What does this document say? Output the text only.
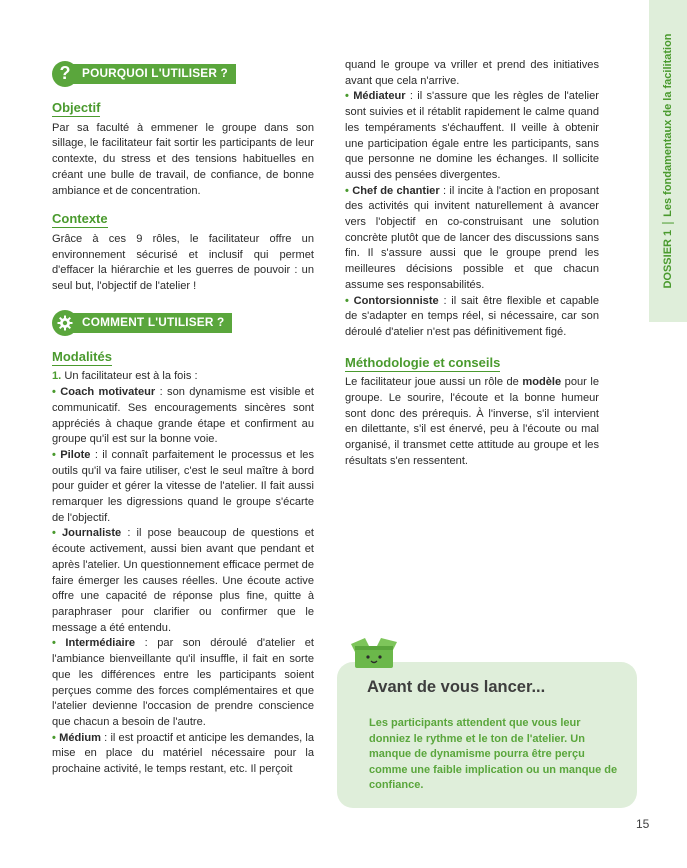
DOSSIER 1Les fondamentaux de la facilitation
? POURQUOI L'UTILISER ?
Objectif

Par sa faculté à emmener le groupe dans son sillage, le facilitateur fait sortir les participants de leur contexte, du stress et des tensions habituelles en créant une bulle de travail, de confiance, de bonne ambiance et de concentration.

Contexte

Grâce à ces 9 rôles, le facilitateur offre un environnement sécurisé et inclusif qui permet d'effacer la hiérarchie et les guerres de pouvoir : un seul but, l'objectif de l'atelier !

COMMENT L'UTILISER ?
Modalités

1. Un facilitateur est à la fois :

• Coach motivateur : son dynamisme est visible et communicatif. Ses encouragements sincères sont appréciés à chaque grande étape et confirment au groupe qu'il est sur la bonne voie.

• Pilote : il connaît parfaitement le processus et les outils qu'il va faire utiliser, c'est le seul maître à bord pour guider et gérer la vitesse de l'atelier. Il fait aussi remarquer les digressions quand le groupe s'écarte de l'objectif.

• Journaliste : il pose beaucoup de questions et écoute activement, aussi bien avant que pendant et après l'atelier. Un questionnement efficace permet de faire émerger les causes réelles. Une écoute active offre une capacité de réponse plus fine, quitte à paraphraser pour clarifier ou confirmer que le message a été entendu.

• Intermédiaire : par son déroulé d'atelier et l'ambiance bienveillante qu'il insuffle, il fait en sorte que les différences entre les participants soient perçues comme des forces complémentaires et que l'atelier devienne l'occasion de prendre conscience que chacun a besoin de l'autre.

• Médium : il est proactif et anticipe les demandes, la mise en place du matériel nécessaire pour la prochaine activité, le temps restant, etc. Il perçoit

quand le groupe va vriller et prend des initiatives avant que cela n'arrive.

• Médiateur : il s'assure que les règles de l'atelier sont suivies et il rétablit rapidement le calme quand les tempéraments s'échauffent. Il veille à obtenir une participation égale entre les participants, sans que personne ne domine les échanges. Il sollicite aussi des pensées divergentes.

• Chef de chantier : il incite à l'action en proposant des activités qui invitent naturellement à avancer vers l'objectif en co-construisant une solution concrète plutôt que de lancer des discussions sans fin. Il s'assure aussi que le groupe prend les meilleures décisions possible et que chacun assume ses responsabilités.

• Contorsionniste : il sait être flexible et capable de s'adapter en temps réel, si nécessaire, car son déroulé d'atelier n'est pas définitivement figé.

Méthodologie et conseils

Le facilitateur joue aussi un rôle de modèle pour le groupe. Le sourire, l'écoute et la bonne humeur sont donc des prérequis. À l'inverse, s'il intervient en dilettante, s'il est énervé, peu à l'écoute ou mal organisé, il transmet cette attitude au groupe et les résultats s'en ressentent.

Avant de vous lancer...
Les participants attendent que vous leur donniez le rythme et le ton de l'atelier. Un manque de dynamisme pourra être perçu comme une faible implication ou un manque de confiance.
15
